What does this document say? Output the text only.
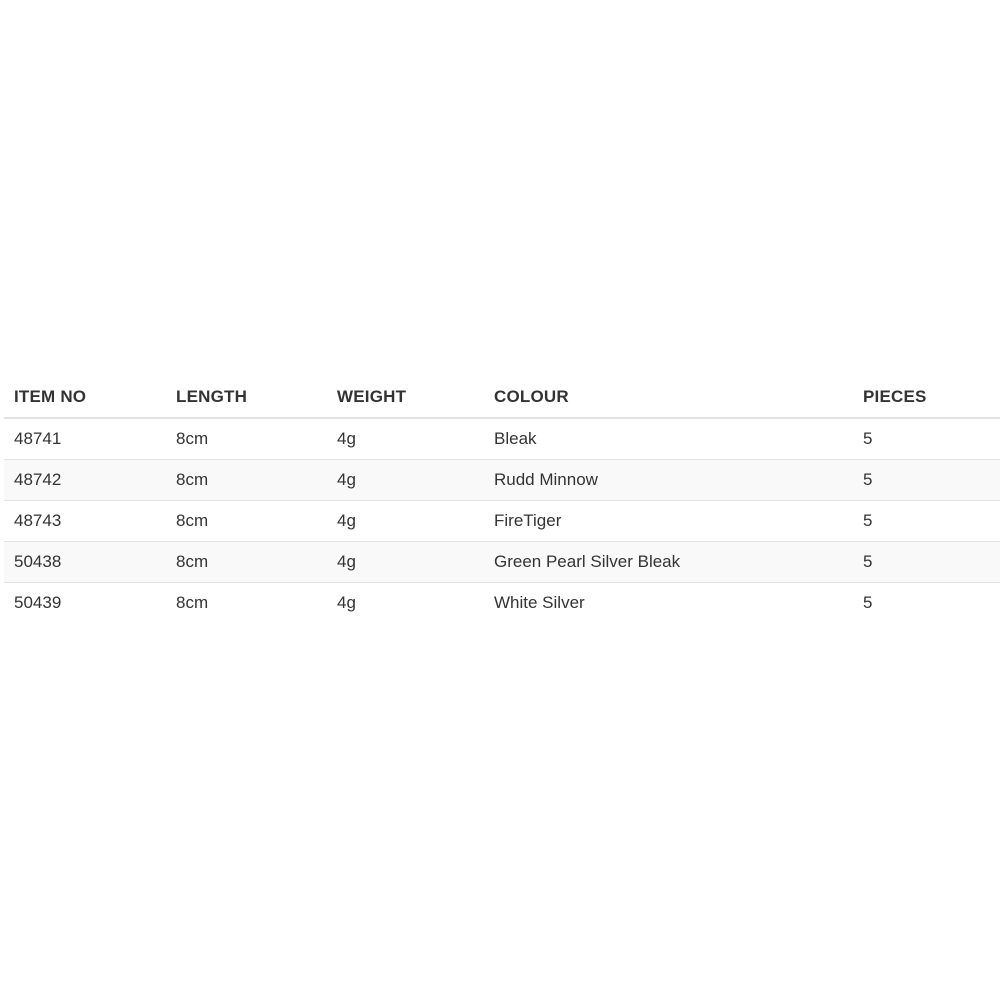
ITEM NO	LENGTH	WEIGHT	COLOUR	PIECES
48741	8cm	4g	Bleak	5
48742	8cm	4g	Rudd Minnow	5
48743	8cm	4g	FireTiger	5
50438	8cm	4g	Green Pearl Silver Bleak	5
50439	8cm	4g	White Silver	5
